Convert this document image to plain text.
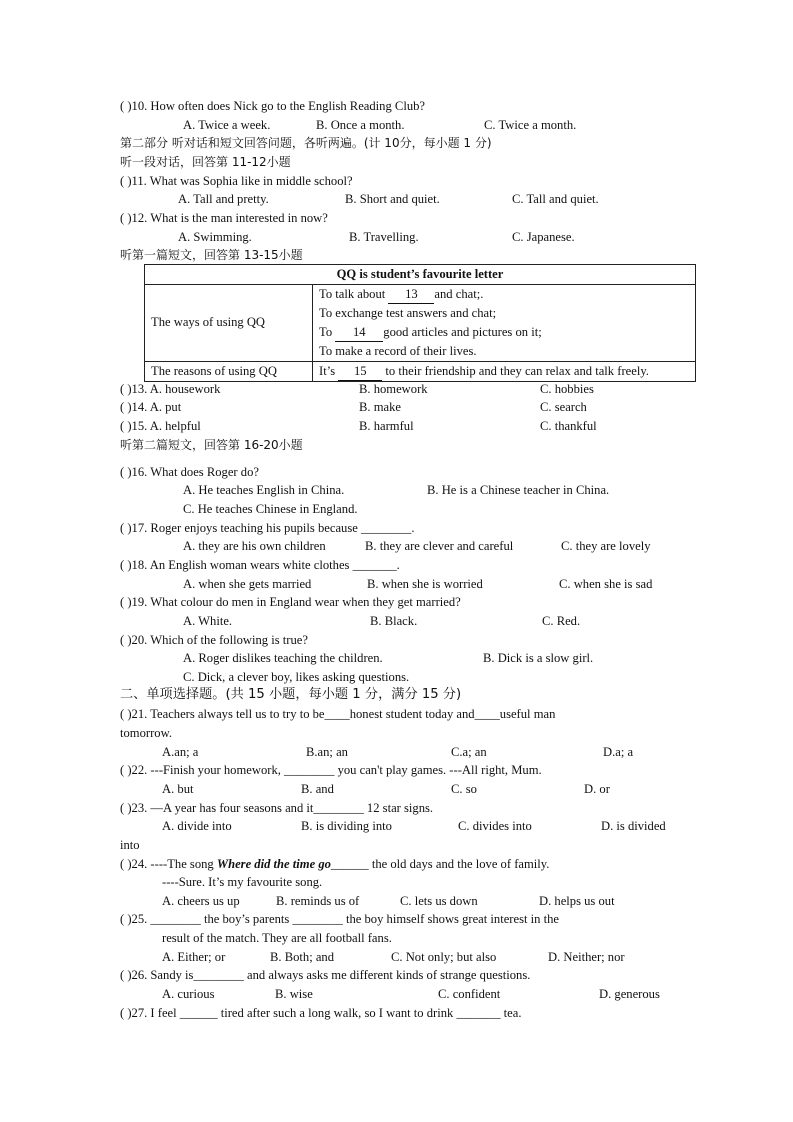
( )10. How often does Nick go to the English Reading Club?
A. Twice a week.	B. Once a month.	C. Twice a month.
第二部分 听对话和短文回答问题，各听两遍。(计 10分，每小题 1 分)
听一段对话，回答第 11-12小题
( )11. What was Sophia like in middle school?
A. Tall and pretty.	B. Short and quiet.	C. Tall and quiet.
( )12. What is the man interested in now?
A. Swimming.	B. Travelling.	C. Japanese.
听第一篇短文，回答第 13-15小题
QQ is student’s favourite letter	
The ways of using QQ	To talk about 13 and chat;.
To exchange test answers and chat;
To 14 good articles and pictures on it;
To make a record of their lives.

The reasons of using QQ	It’s 15 to their friendship and they can relax and talk freely.
( )13. A. housework	B. homework	C. hobbies
( )14. A. put	B. make	C. search
( )15. A. helpful	B. harmful	C. thankful
听第二篇短文，回答第 16-20小题
( )16. What does Roger do?
A. He teaches English in China.	B. He is a Chinese teacher in China.
C. He teaches Chinese in England.
( )17. Roger enjoys teaching his pupils because ________.
A. they are his own children	B. they are clever and careful	C. they are lovely
( )18. An English woman wears white clothes _______.
A. when she gets married	B. when she is worried	C. when she is sad
( )19. What colour do men in England wear when they get married?
A. White.	B. Black.	C. Red.
( )20. Which of the following is true?
A. Roger dislikes teaching the children.	B. Dick is a slow girl.
C. Dick, a clever boy, likes asking questions.
二、单项选择题。(共 15 小题，每小题 1 分，满分 15 分)
( )21. Teachers always tell us to try to be____honest student today and____useful man
tomorrow.
A.an; a	B.an; an	C.a; an	D.a; a
( )22. ---Finish your homework, ________ you can't play games. ---All right, Mum.
A. but	B. and	C. so	D. or
( )23. —A year has four seasons and it________ 12 star signs.
A. divide into	B. is dividing into	C. divides into	D. is divided
into
( )24. ----The song Where did the time go______ the old days and the love of family.
----Sure. It’s my favourite song.
A. cheers us up	B. reminds us of	C. lets us down	D. helps us out
( )25. ________ the boy’s parents ________ the boy himself shows great interest in the
result of the match. They are all football fans.
A. Either; or	B. Both; and	C. Not only; but also	D. Neither; nor
( )26. Sandy is________ and always asks me different kinds of strange questions.
A. curious	B. wise	C. confident	D. generous
( )27. I feel ______ tired after such a long walk, so I want to drink _______ tea.
